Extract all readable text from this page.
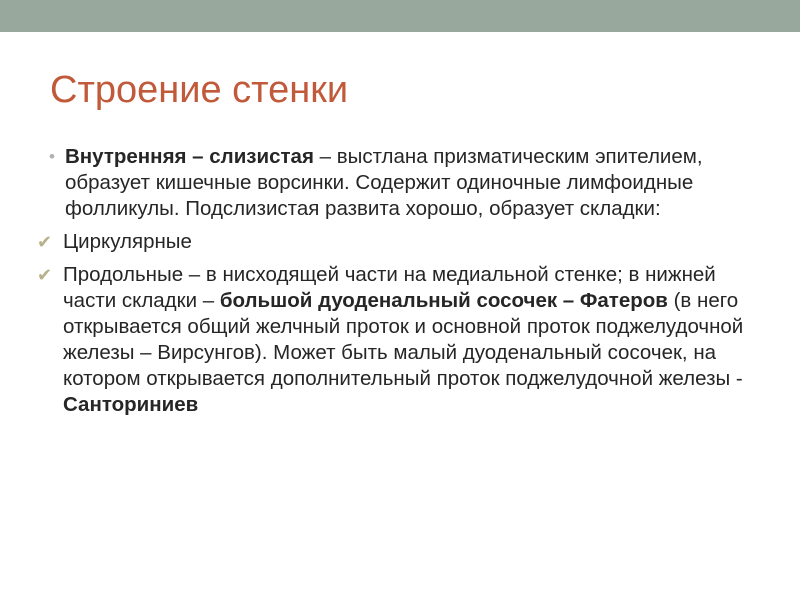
Строение стенки
• Внутренняя – слизистая – выстлана призматическим эпителием, образует кишечные ворсинки. Содержит одиночные лимфоидные фолликулы. Подслизистая развита хорошо, образует складки:
✔ Циркулярные
✔ Продольные – в нисходящей части на медиальной стенке; в нижней части складки – большой дуоденальный сосочек – Фатеров (в него открывается общий желчный проток и основной проток поджелудочной железы – Вирсунгов). Может быть малый дуоденальный сосочек, на котором открывается дополнительный проток поджелудочной железы - Санториниев
